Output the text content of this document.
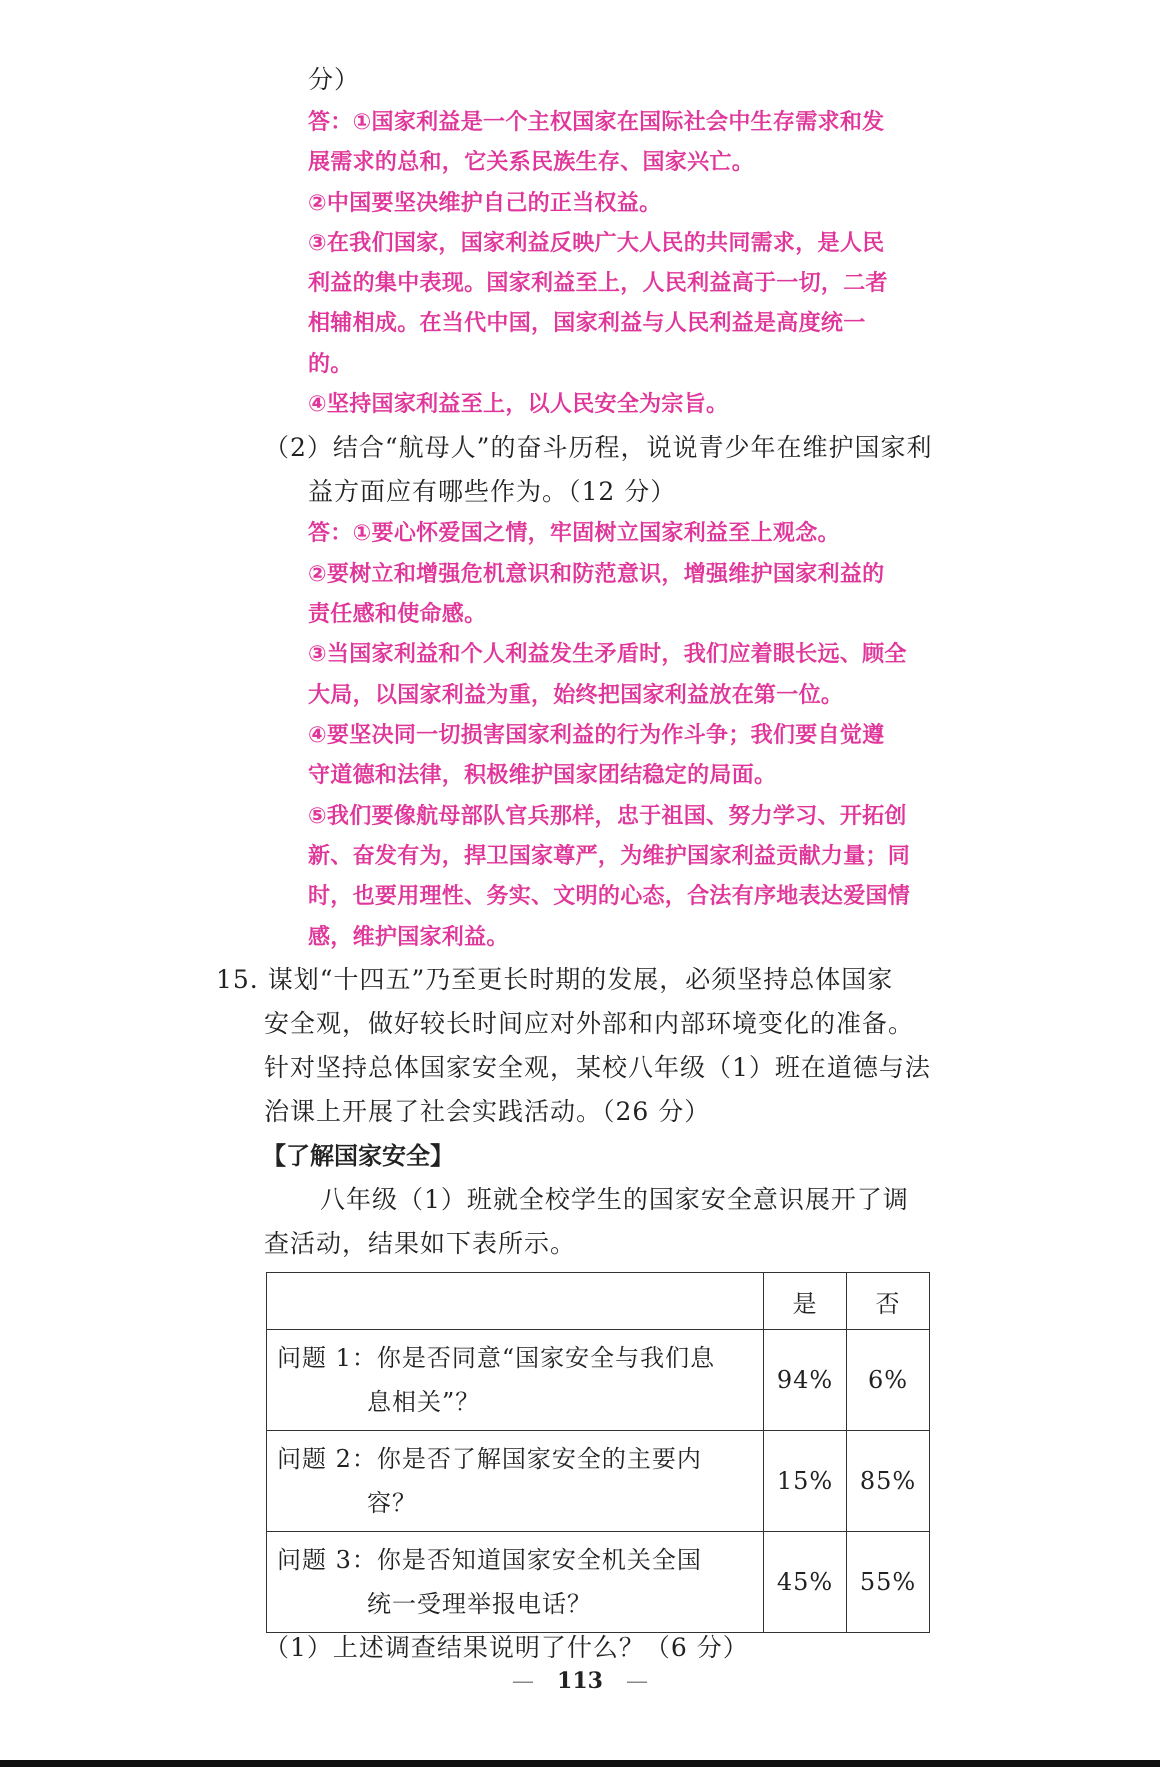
分）
答：①国家利益是一个主权国家在国际社会中生存需求和发
展需求的总和，它关系民族生存、国家兴亡。
②中国要坚决维护自己的正当权益。
③在我们国家，国家利益反映广大人民的共同需求，是人民
利益的集中表现。国家利益至上，人民利益高于一切，二者
相辅相成。在当代中国，国家利益与人民利益是高度统一
的。
④坚持国家利益至上，以人民安全为宗旨。
（2）结合“航母人”的奋斗历程，说说青少年在维护国家利
益方面应有哪些作为。（12 分）
答：①要心怀爱国之情，牢固树立国家利益至上观念。
②要树立和增强危机意识和防范意识，增强维护国家利益的
责任感和使命感。
③当国家利益和个人利益发生矛盾时，我们应着眼长远、顾全
大局，以国家利益为重，始终把国家利益放在第一位。
④要坚决同一切损害国家利益的行为作斗争；我们要自觉遵
守道德和法律，积极维护国家团结稳定的局面。
⑤我们要像航母部队官兵那样，忠于祖国、努力学习、开拓创
新、奋发有为，捍卫国家尊严，为维护国家利益贡献力量；同
时，也要用理性、务实、文明的心态，合法有序地表达爱国情
感，维护国家利益。
15. 谋划“十四五”乃至更长时期的发展，必须坚持总体国家
安全观，做好较长时间应对外部和内部环境变化的准备。
针对坚持总体国家安全观，某校八年级（1）班在道德与法
治课上开展了社会实践活动。（26 分）
【了解国家安全】
八年级（1）班就全校学生的国家安全意识展开了调
查活动，结果如下表所示。
（1）上述调查结果说明了什么？（6 分）
	是	否
问题 1：你是否同意“国家安全与我们息
息相关”？	94%	6%
问题 2：你是否了解国家安全的主要内
容？	15%	85%
问题 3：你是否知道国家安全机关全国
统一受理举报电话？	45%	55%
— 113 —
